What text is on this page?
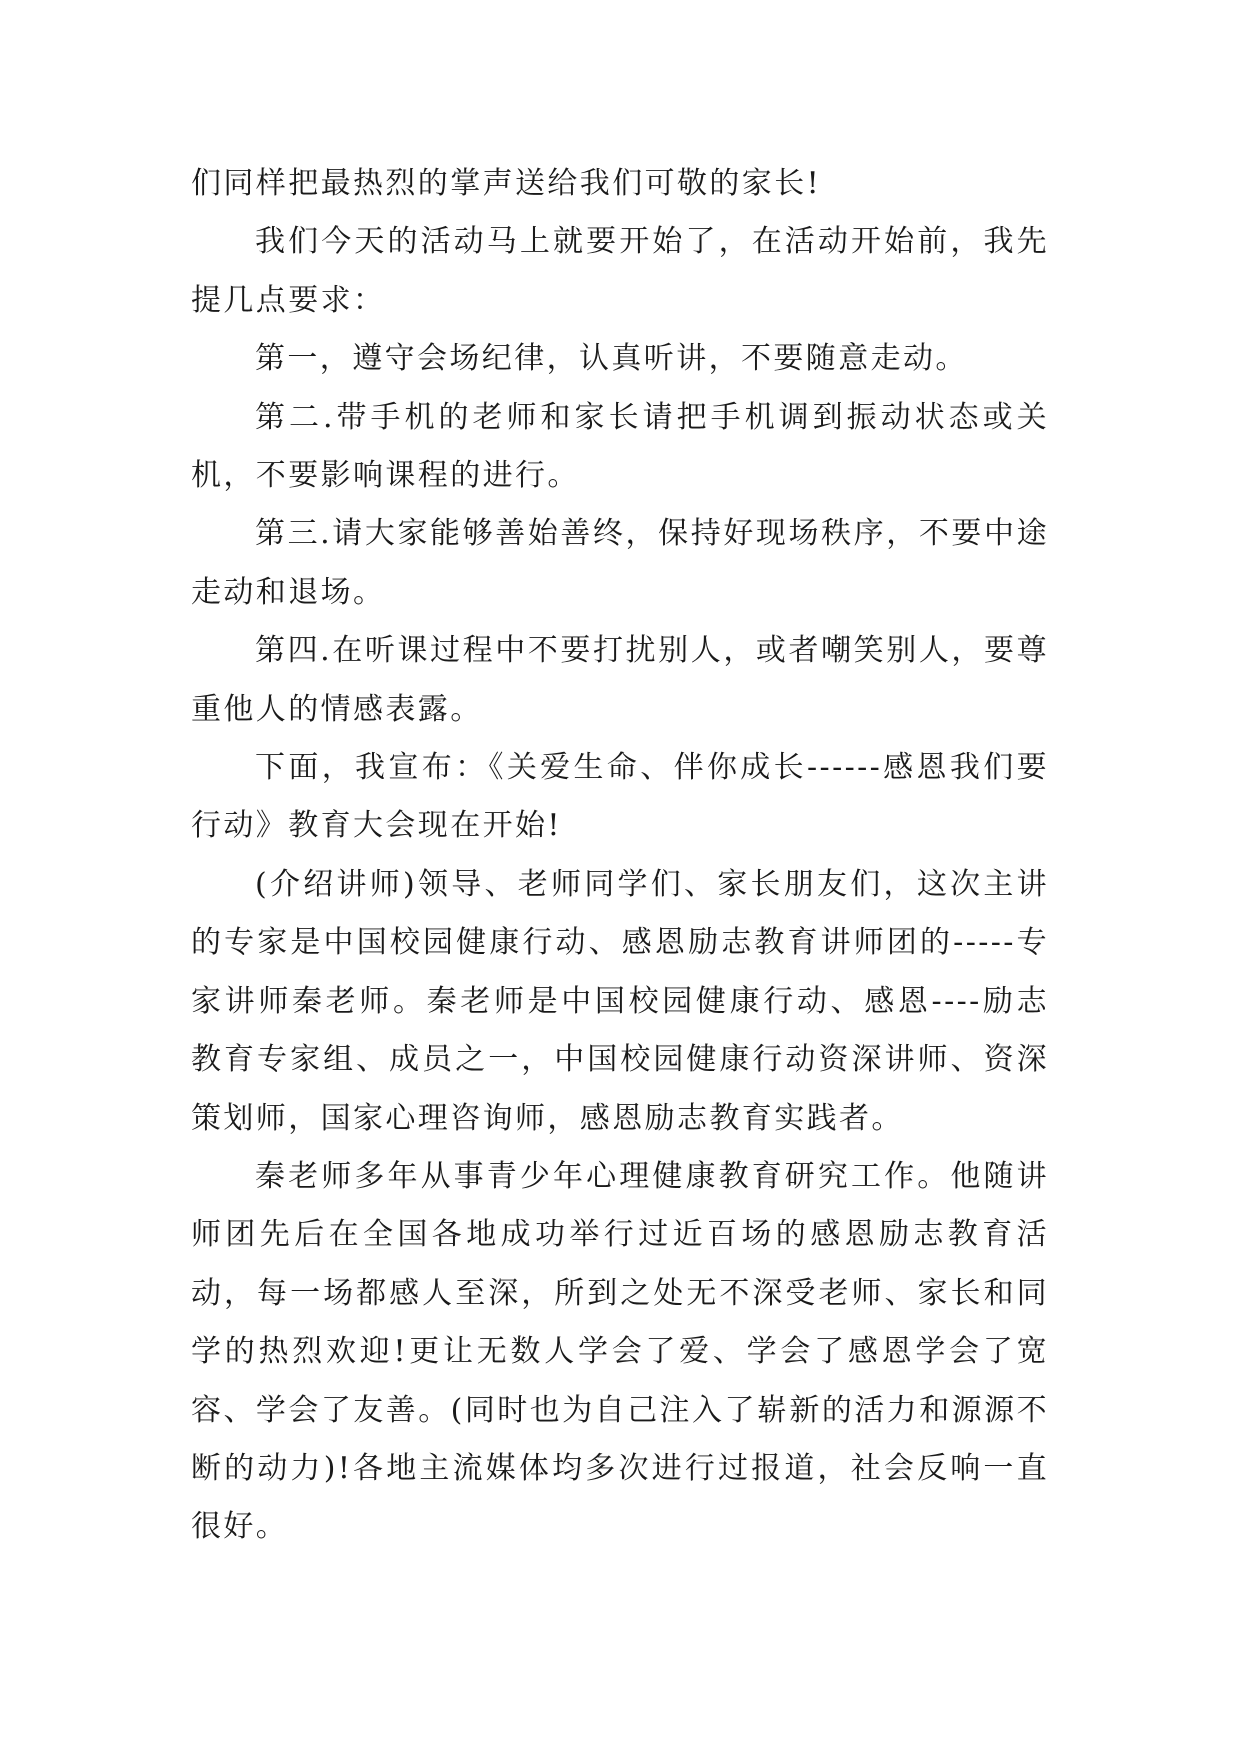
们同样把最热烈的掌声送给我们可敬的家长!

我们今天的活动马上就要开始了，在活动开始前，我先提几点要求：

第一，遵守会场纪律，认真听讲，不要随意走动。

第二.带手机的老师和家长请把手机调到振动状态或关机，不要影响课程的进行。

第三.请大家能够善始善终，保持好现场秩序，不要中途走动和退场。

第四.在听课过程中不要打扰别人，或者嘲笑别人，要尊重他人的情感表露。

下面，我宣布：《关爱生命、伴你成长------感恩我们要行动》教育大会现在开始!

(介绍讲师)领导、老师同学们、家长朋友们，这次主讲的专家是中国校园健康行动、感恩励志教育讲师团的-----专家讲师秦老师。秦老师是中国校园健康行动、感恩----励志教育专家组、成员之一，中国校园健康行动资深讲师、资深策划师，国家心理咨询师，感恩励志教育实践者。

秦老师多年从事青少年心理健康教育研究工作。他随讲师团先后在全国各地成功举行过近百场的感恩励志教育活动，每一场都感人至深，所到之处无不深受老师、家长和同学的热烈欢迎!更让无数人学会了爱、学会了感恩学会了宽容、学会了友善。(同时也为自己注入了崭新的活力和源源不断的动力)!各地主流媒体均多次进行过报道，社会反响一直很好。
